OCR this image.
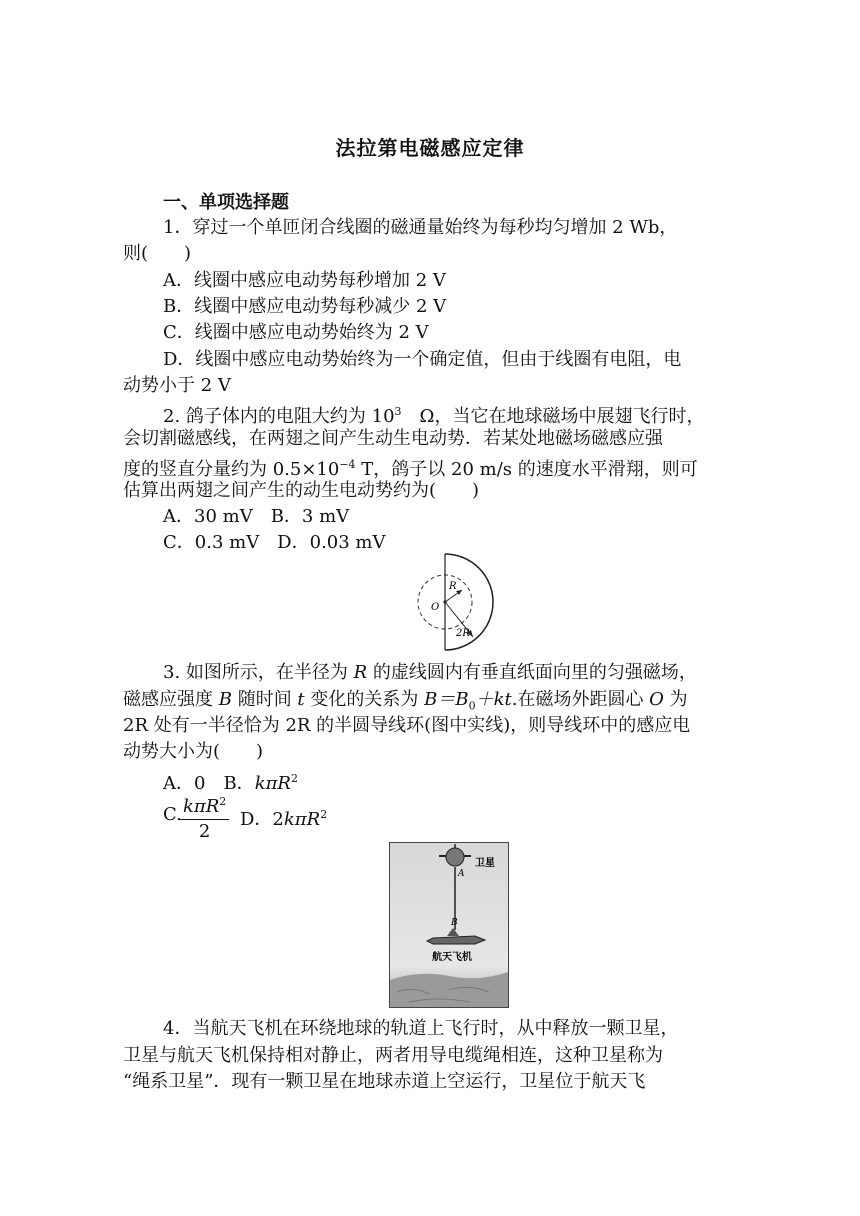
法拉第电磁感应定律
一、单项选择题
1．穿过一个单匝闭合线圈的磁通量始终为每秒均匀增加 2 Wb，
则(　　)
A．线圈中感应电动势每秒增加 2 V
B．线圈中感应电动势每秒减少 2 V
C．线圈中感应电动势始终为 2 V
D．线圈中感应电动势始终为一个确定值，但由于线圈有电阻，电
动势小于 2 V
2. 鸽子体内的电阻大约为 $10^3$　Ω，当它在地球磁场中展翅飞行时，
会切割磁感线，在两翅之间产生动生电动势．若某处地磁场磁感应强
度的竖直分量约为 $0.5\times 10^{-4}$ T，鸽子以 20 m/s 的速度水平滑翔，则可
估算出两翅之间产生的动生电动势约为(　　)
A．30 mV　B．3 mV
C．0.3 mV　D．0.03 mV
R
O
2R
3. 如图所示，在半径为 R 的虚线圆内有垂直纸面向里的匀强磁场，
磁感应强度 B 随时间 t 变化的关系为 $B=B_0+kt$.在磁场外距圆心 O 为
2R 处有一半径恰为 2R 的半圆导线环(图中实线)，则导线环中的感应电
动势大小为(　　)
A．0　 B．kπR$^2$
C. kπR$^2$
2
D．2kπR$^2$
卫星
A
B
航天飞机
4．当航天飞机在环绕地球的轨道上飞行时，从中释放一颗卫星，
卫星与航天飞机保持相对静止，两者用导电缆绳相连，这种卫星称为
“绳系卫星”．现有一颗卫星在地球赤道上空运行，卫星位于航天飞
